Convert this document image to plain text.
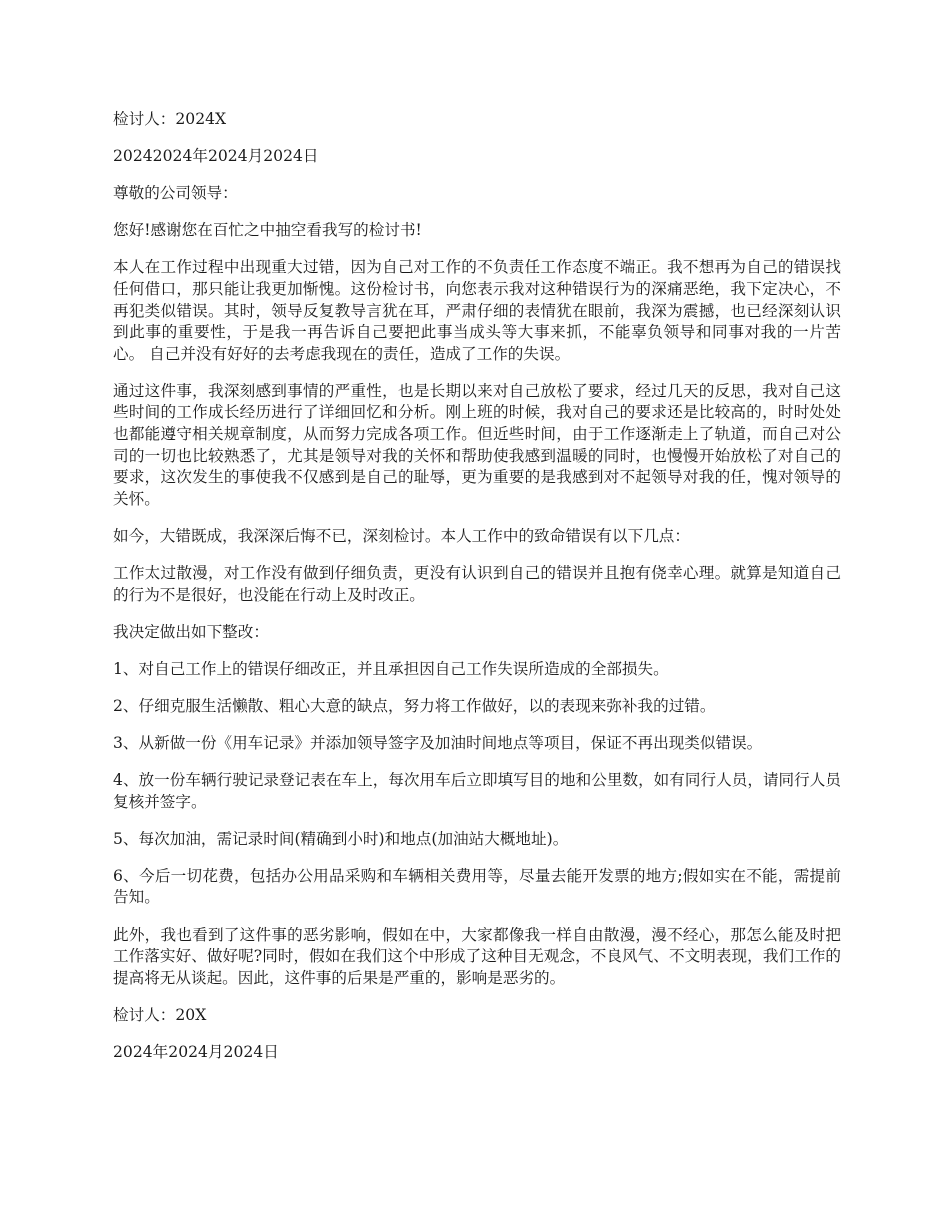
检讨人：2024X

20242024年2024月2024日

尊敬的公司领导：

您好!感谢您在百忙之中抽空看我写的检讨书!

本人在工作过程中出现重大过错，因为自己对工作的不负责任工作态度不端正。我不想再为自己的错误找任何借口，那只能让我更加惭愧。这份检讨书，向您表示我对这种错误行为的深痛恶绝，我下定决心，不再犯类似错误。其时，领导反复教导言犹在耳，严肃仔细的表情犹在眼前，我深为震撼，也已经深刻认识到此事的重要性，于是我一再告诉自己要把此事当成头等大事来抓，不能辜负领导和同事对我的一片苦心。 自己并没有好好的去考虑我现在的责任，造成了工作的失误。

通过这件事，我深刻感到事情的严重性，也是长期以来对自己放松了要求，经过几天的反思，我对自己这些时间的工作成长经历进行了详细回忆和分析。刚上班的时候，我对自己的要求还是比较高的，时时处处也都能遵守相关规章制度，从而努力完成各项工作。但近些时间，由于工作逐渐走上了轨道，而自己对公司的一切也比较熟悉了，尤其是领导对我的关怀和帮助使我感到温暖的同时，也慢慢开始放松了对自己的要求，这次发生的事使我不仅感到是自己的耻辱，更为重要的是我感到对不起领导对我的任，愧对领导的关怀。

如今，大错既成，我深深后悔不已，深刻检讨。本人工作中的致命错误有以下几点：

工作太过散漫，对工作没有做到仔细负责，更没有认识到自己的错误并且抱有侥幸心理。就算是知道自己的行为不是很好，也没能在行动上及时改正。

我决定做出如下整改：

1、对自己工作上的错误仔细改正，并且承担因自己工作失误所造成的全部损失。

2、仔细克服生活懒散、粗心大意的缺点，努力将工作做好，以的表现来弥补我的过错。

3、从新做一份《用车记录》并添加领导签字及加油时间地点等项目，保证不再出现类似错误。

4、放一份车辆行驶记录登记表在车上，每次用车后立即填写目的地和公里数，如有同行人员，请同行人员复核并签字。

5、每次加油，需记录时间(精确到小时)和地点(加油站大概地址)。

6、今后一切花费，包括办公用品采购和车辆相关费用等，尽量去能开发票的地方;假如实在不能，需提前告知。

此外，我也看到了这件事的恶劣影响，假如在中，大家都像我一样自由散漫，漫不经心，那怎么能及时把工作落实好、做好呢?同时，假如在我们这个中形成了这种目无观念，不良风气、不文明表现，我们工作的提高将无从谈起。因此，这件事的后果是严重的，影响是恶劣的。

检讨人：20X

2024年2024月2024日
